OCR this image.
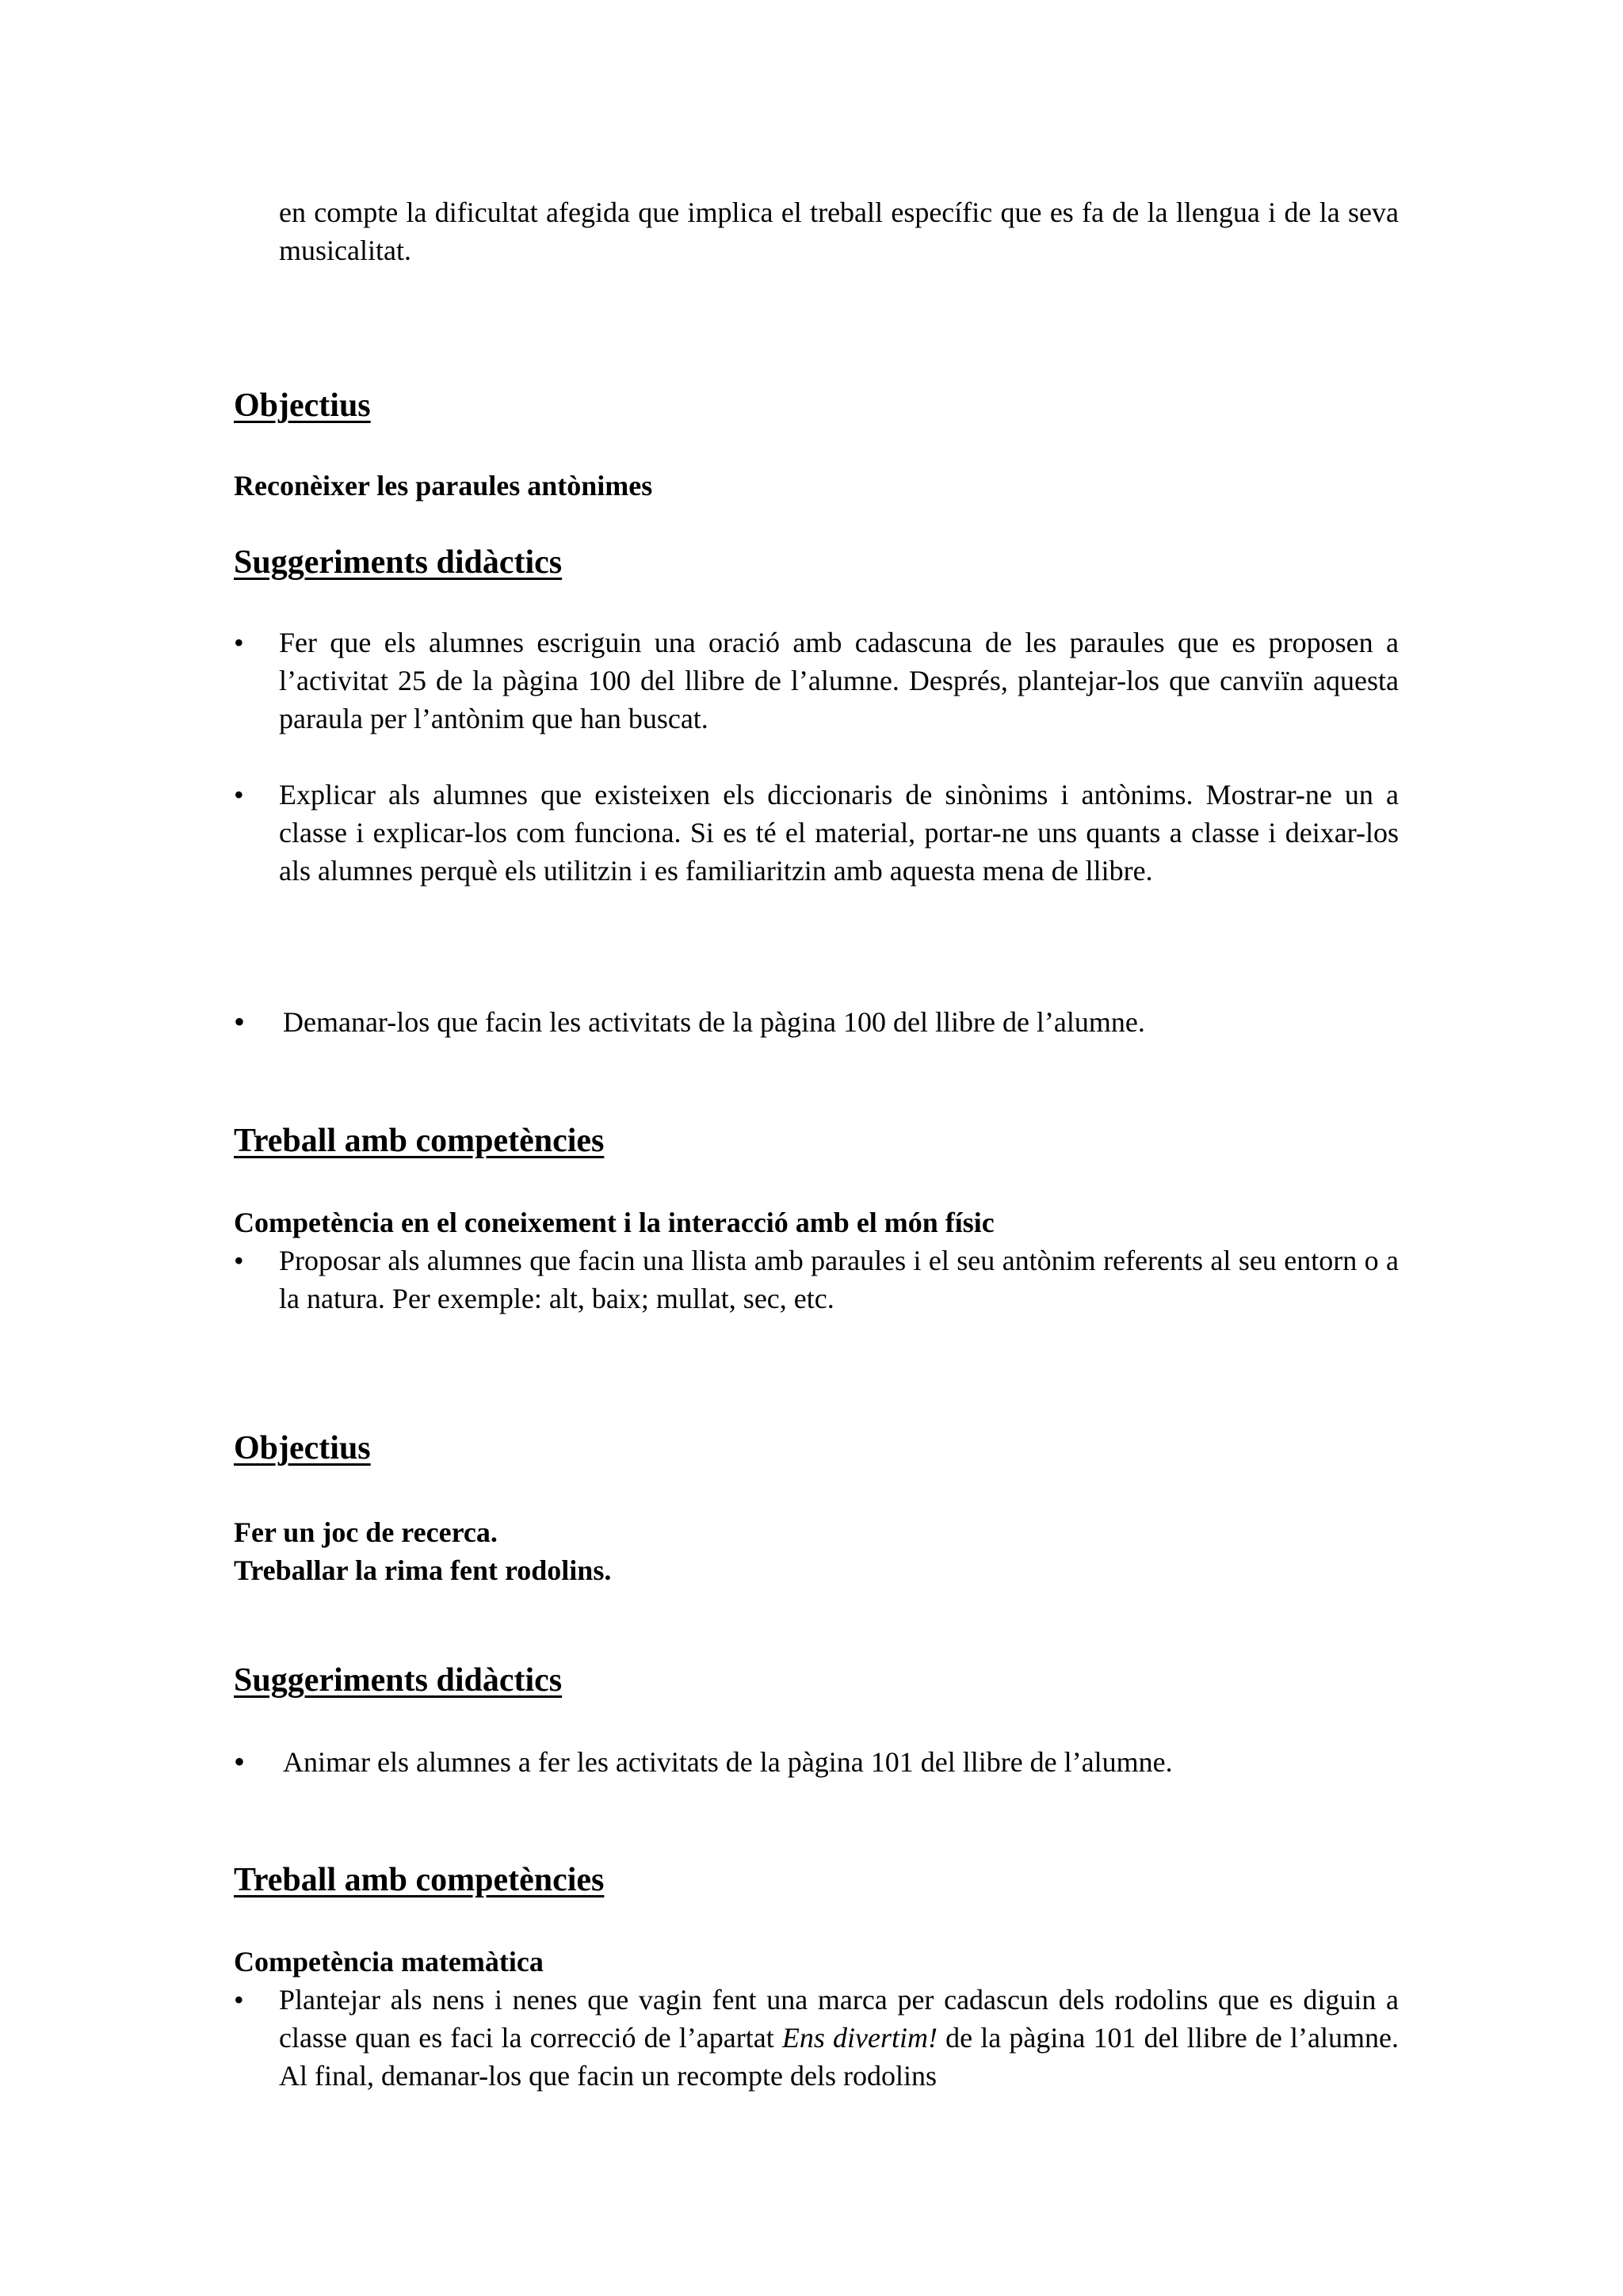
en compte la dificultat afegida que implica el treball específic que es fa de la llengua i de la seva musicalitat.
Objectius
Reconèixer les paraules antònimes
Suggeriments didàctics
• Fer que els alumnes escriguin una oració amb cadascuna de les paraules que es proposen a l’activitat 25 de la pàgina 100 del llibre de l’alumne. Després, plantejar-los que canviïn aquesta paraula per l’antònim que han buscat.
• Explicar als alumnes que existeixen els diccionaris de sinònims i antònims. Mostrar-ne un a classe i explicar-los com funciona. Si es té el material, portar-ne uns quants a classe i deixar-los als alumnes perquè els utilitzin i es familiaritzin amb aquesta mena de llibre.
• Demanar-los que facin les activitats de la pàgina 100 del llibre de l’alumne.
Treball amb competències
Competència en el coneixement i la interacció amb el món físic
• Proposar als alumnes que facin una llista amb paraules i el seu antònim referents al seu entorn o a la natura. Per exemple: alt, baix; mullat, sec, etc.
Objectius
Fer un joc de recerca.
Treballar la rima fent rodolins.
Suggeriments didàctics
• Animar els alumnes a fer les activitats de la pàgina 101 del llibre de l’alumne.
Treball amb competències
Competència matemàtica
• Plantejar als nens i nenes que vagin fent una marca per cadascun dels rodolins que es diguin a classe quan es faci la correcció de l’apartat Ens divertim! de la pàgina 101 del llibre de l’alumne. Al final, demanar-los que facin un recompte dels rodolins
